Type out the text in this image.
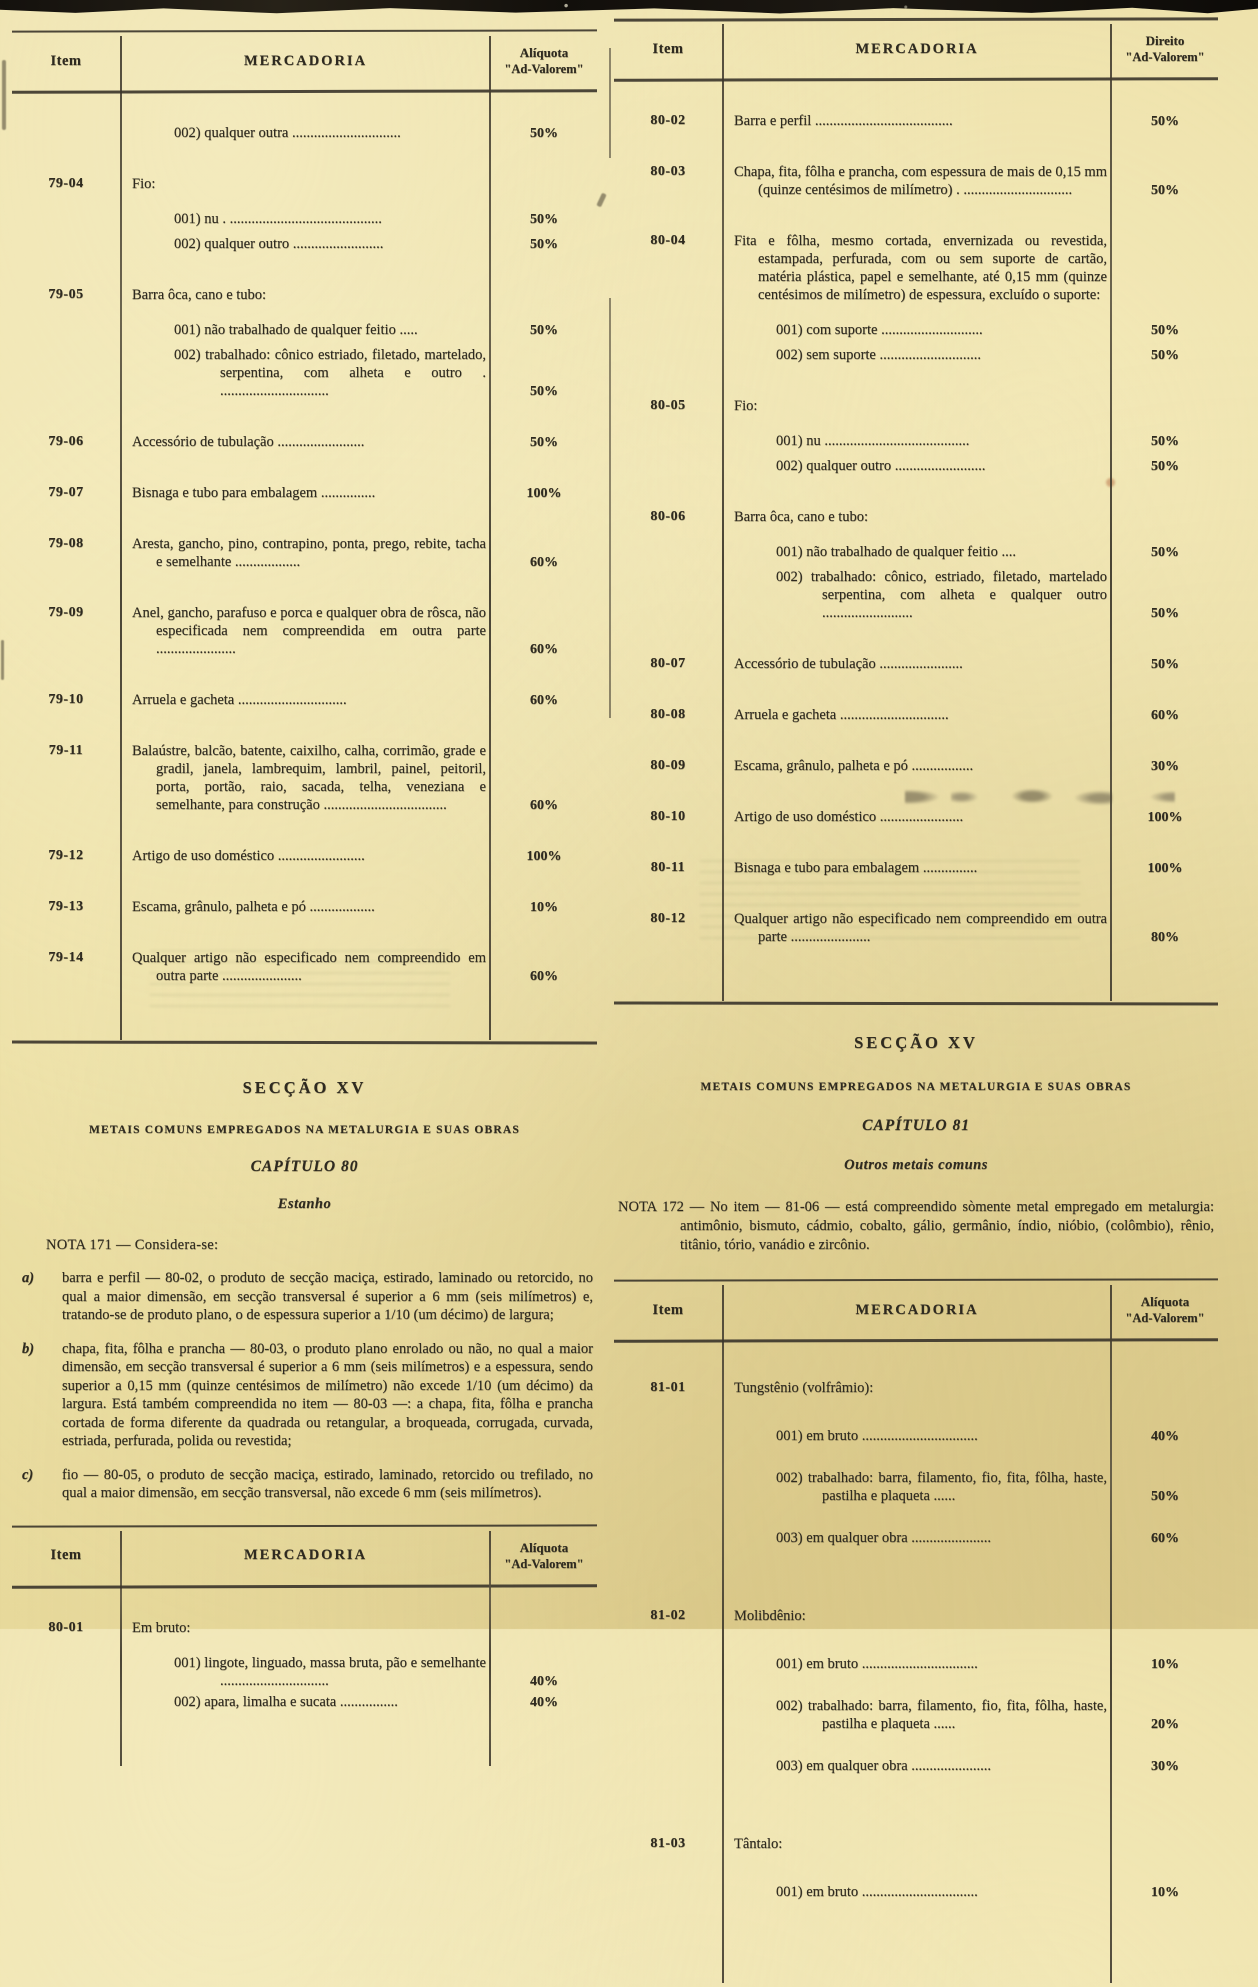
Item	MERCADORIA	Alíquota
"Ad-Valorem"
002) qualquer outra ..............................	50%
79-04	Fio:
001) nu . ..........................................	50%
002) qualquer outro .........................	50%
79-05	Barra ôca, cano e tubo:
001) não trabalhado de qualquer feitio .....	50%
002) trabalhado: cônico estriado, filetado, martelado, serpentina, com alheta e outro . ..............................	50%
79-06	Accessório de tubulação ........................	50%
79-07	Bisnaga e tubo para embalagem ...............	100%
79-08	Aresta, gancho, pino, contrapino, ponta, prego, rebite, tacha e semelhante ..................	60%
79-09	Anel, gancho, parafuso e porca e qualquer obra de rôsca, não especificada nem compreendida em outra parte ......................	60%
79-10	Arruela e gacheta ..............................	60%
79-11	Balaústre, balcão, batente, caixilho, calha, corrimão, grade e gradil, janela, lambrequim, lambril, painel, peitoril, porta, portão, raio, sacada, telha, veneziana e semelhante, para construção ..................................	60%
79-12	Artigo de uso doméstico ........................	100%
79-13	Escama, grânulo, palheta e pó ..................	10%
79-14	Qualquer artigo não especificado nem compreendido em outra parte ......................	60%
SECÇÃO XV
METAIS COMUNS EMPREGADOS NA METALURGIA E SUAS OBRAS
CAPÍTULO 80
Estanho
NOTA 171 — Considera-se:
a)	barra e perfil — 80-02, o produto de secção maciça, estirado, laminado ou retorcido, no qual a maior dimensão, em secção transversal é superior a 6 mm (seis milímetros) e, tratando-se de produto plano, o de espessura superior a 1/10 (um décimo) de largura;
b)	chapa, fita, fôlha e prancha — 80-03, o produto plano enrolado ou não, no qual a maior dimensão, em secção transversal é superior a 6 mm (seis milímetros) e a espessura, sendo superior a 0,15 mm (quinze centésimos de milímetro) não excede 1/10 (um décimo) da largura. Está também compreendida no item — 80-03 —: a chapa, fita, fôlha e prancha cortada de forma diferente da quadrada ou retangular, a broqueada, corrugada, curvada, estriada, perfurada, polida ou revestida;
c)	fio — 80-05, o produto de secção maciça, estirado, laminado, retorcido ou trefilado, no qual a maior dimensão, em secção transversal, não excede 6 mm (seis milímetros).
Item	MERCADORIA	Alíquota
"Ad-Valorem"
80-01	Em bruto:
001) lingote, linguado, massa bruta, pão e semelhante ..............................	40%
002) apara, limalha e sucata ................	40%
Item	MERCADORIA	Direito
"Ad-Valorem"
80-02	Barra e perfil ......................................	50%
80-03	Chapa, fita, fôlha e prancha, com espessura de mais de 0,15 mm (quinze centésimos de milímetro) . ..............................	50%
80-04	Fita e fôlha, mesmo cortada, envernizada ou revestida, estampada, perfurada, com ou sem suporte de cartão, matéria plástica, papel e semelhante, até 0,15 mm (quinze centésimos de milímetro) de espessura, excluído o suporte:
001) com suporte ............................	50%
002) sem suporte ............................	50%
80-05	Fio:
001) nu ........................................	50%
002) qualquer outro .........................	50%
80-06	Barra ôca, cano e tubo:
001) não trabalhado de qualquer feitio ....	50%
002) trabalhado: cônico, estriado, filetado, martelado serpentina, com alheta e qualquer outro .........................	50%
80-07	Accessório de tubulação .......................	50%
80-08	Arruela e gacheta ..............................	60%
80-09	Escama, grânulo, palheta e pó .................	30%
80-10	Artigo de uso doméstico .......................	100%
80-11	Bisnaga e tubo para embalagem ...............	100%
80-12	Qualquer artigo não especificado nem compreendido em outra parte ......................	80%
SECÇÃO XV
METAIS COMUNS EMPREGADOS NA METALURGIA E SUAS OBRAS
CAPÍTULO 81
Outros metais comuns
NOTA 172 — No item — 81-06 — está compreendido sòmente metal empregado em metalurgia: antimônio, bismuto, cádmio, cobalto, gálio, germânio, índio, nióbio, (colômbio), rênio, titânio, tório, vanádio e zircônio.
Item	MERCADORIA	Alíquota
"Ad-Valorem"
81-01	Tungstênio (volfrâmio):
001) em bruto ................................	40%
002) trabalhado: barra, filamento, fio, fita, fôlha, haste, pastilha e plaqueta ......	50%
003) em qualquer obra ......................	60%
81-02	Molibdênio:
001) em bruto ................................	10%
002) trabalhado: barra, filamento, fio, fita, fôlha, haste, pastilha e plaqueta ......	20%
003) em qualquer obra ......................	30%
81-03	Tântalo:
001) em bruto ................................	10%
